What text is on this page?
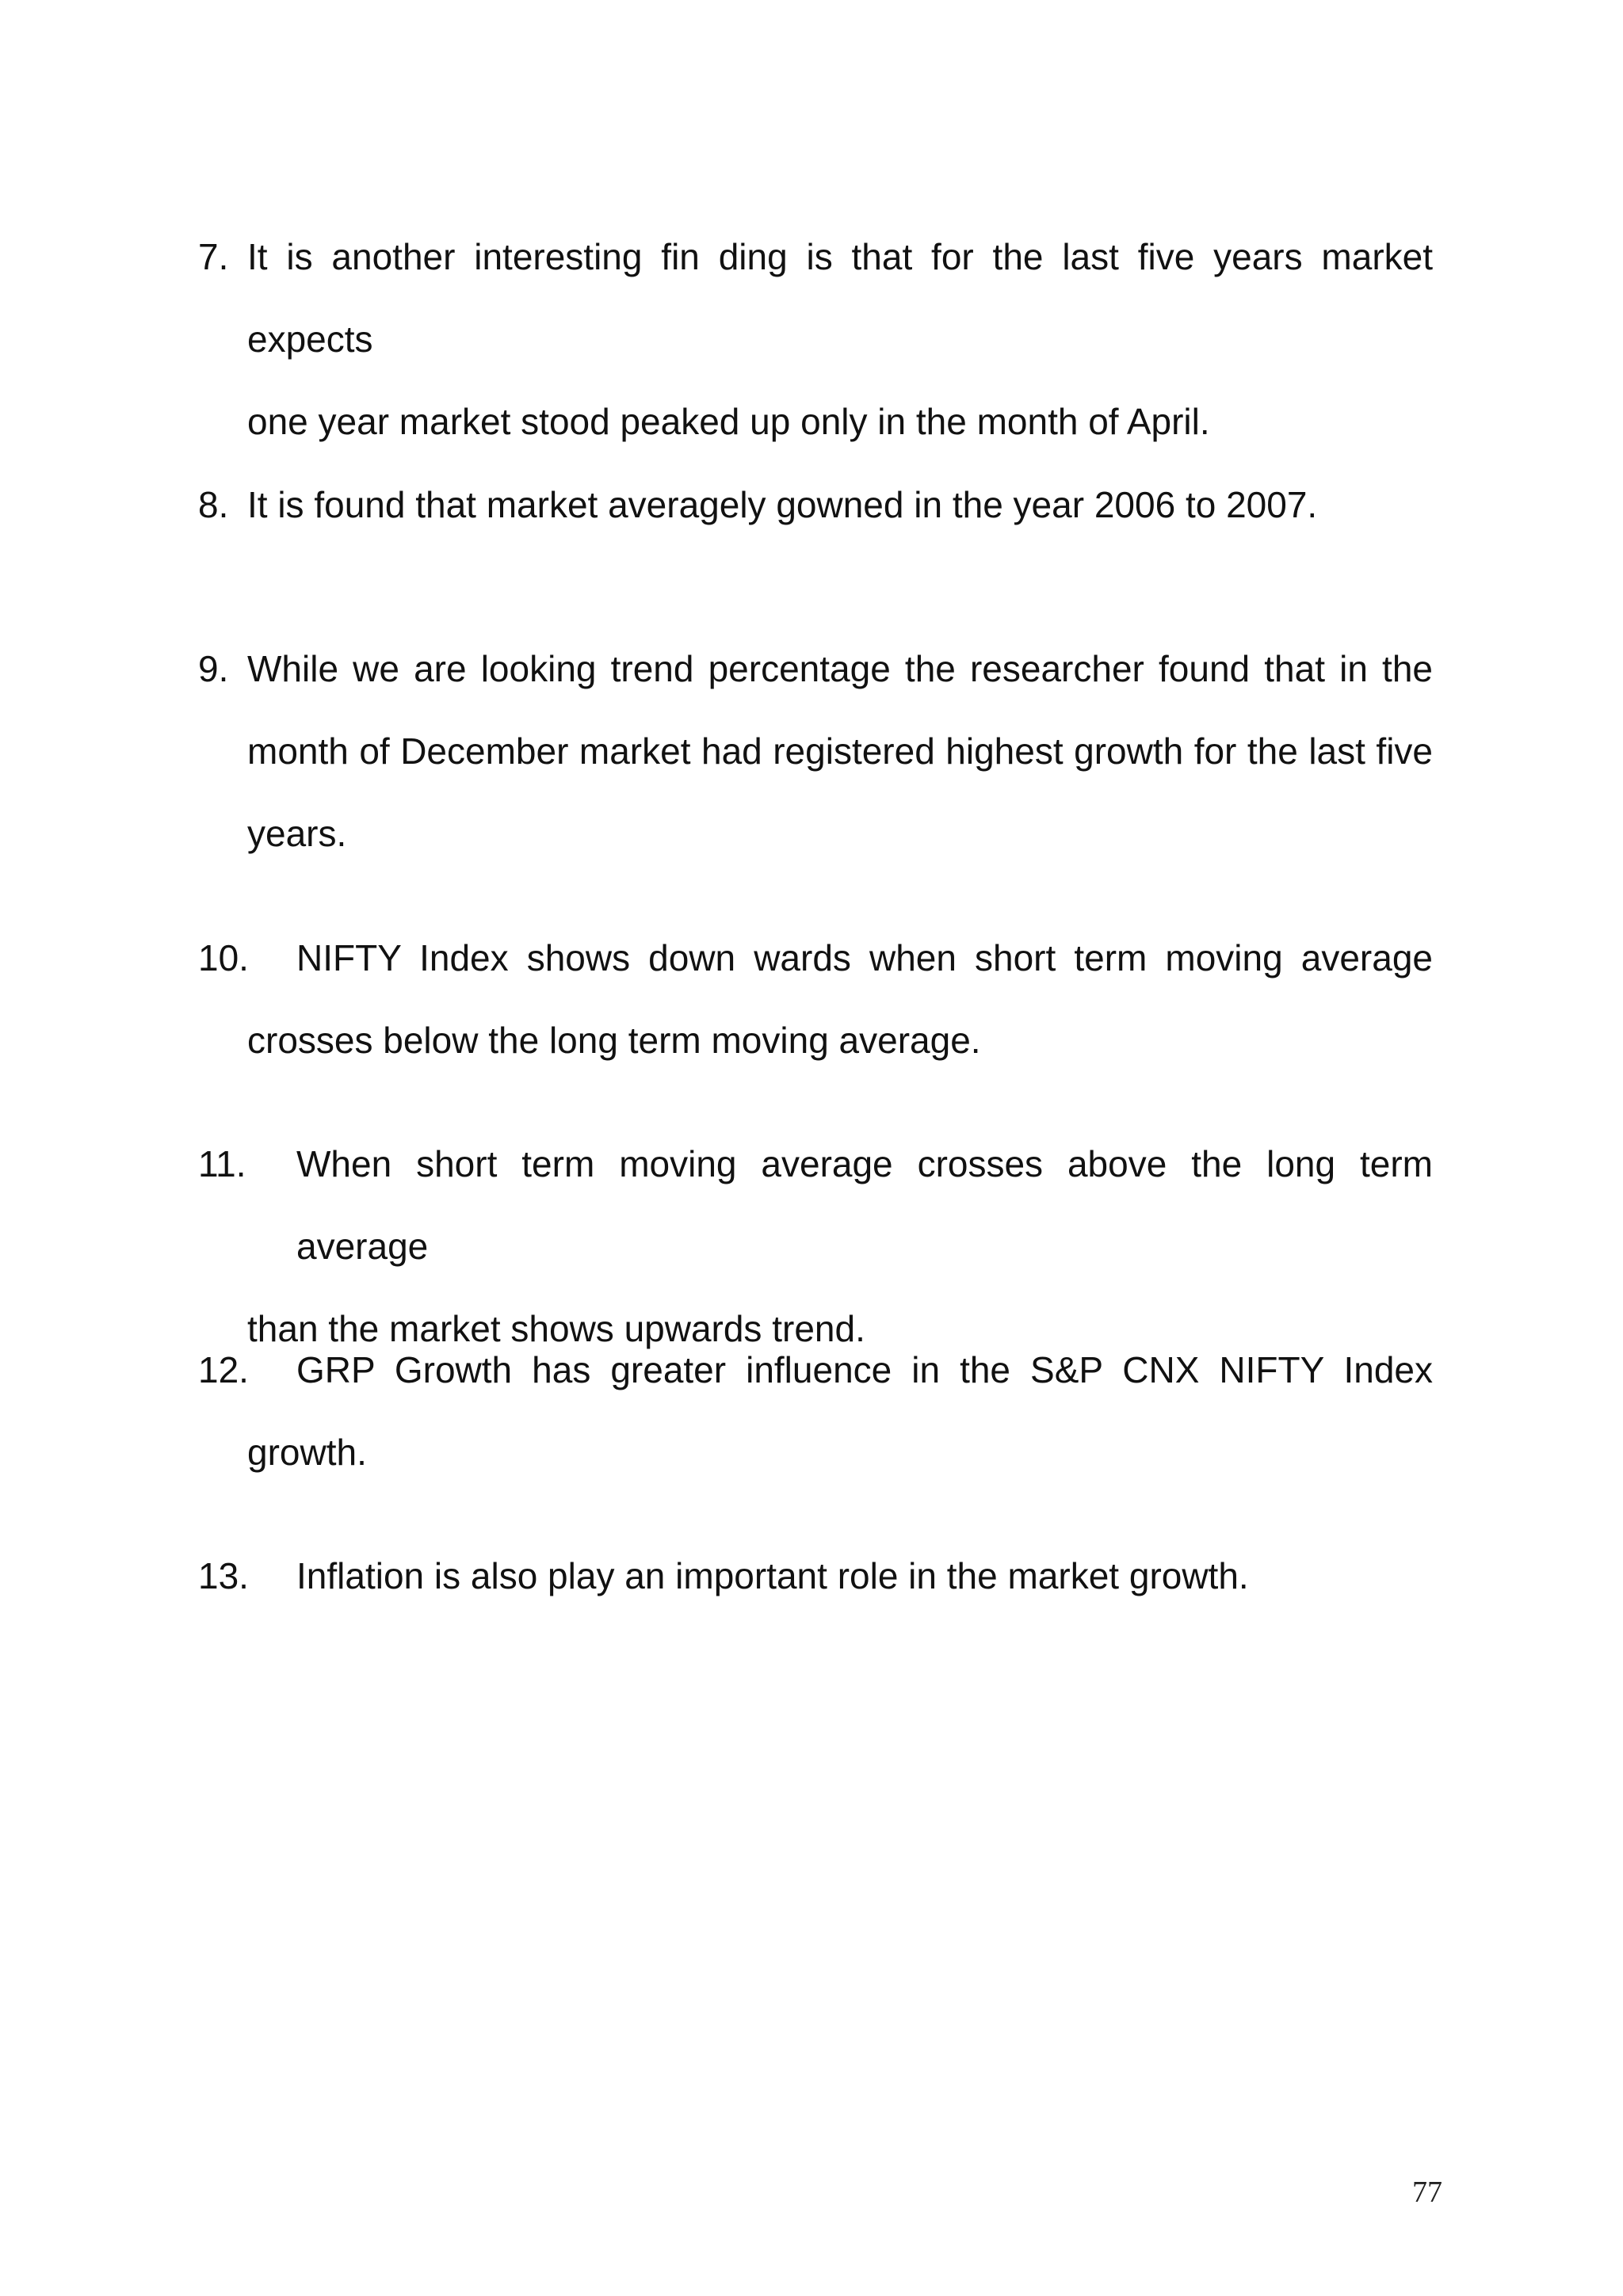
7. It is another interesting fin ding is that for the last five years market expects
one year market stood peaked up only in the month of April.
8. It is found that market averagely gowned in the year 2006 to 2007.
9. While we are looking trend percentage the researcher found that in the
month of December market had registered highest growth for the last five
years.
10. NIFTY Index shows down wards when short term moving average
crosses below the long term moving average.
11. When short term moving average crosses above the long term average
than the market shows upwards trend.
12. GRP Growth has greater influence in the S&P CNX NIFTY Index
growth.
13. Inflation is also play an important role in the market growth.
77
